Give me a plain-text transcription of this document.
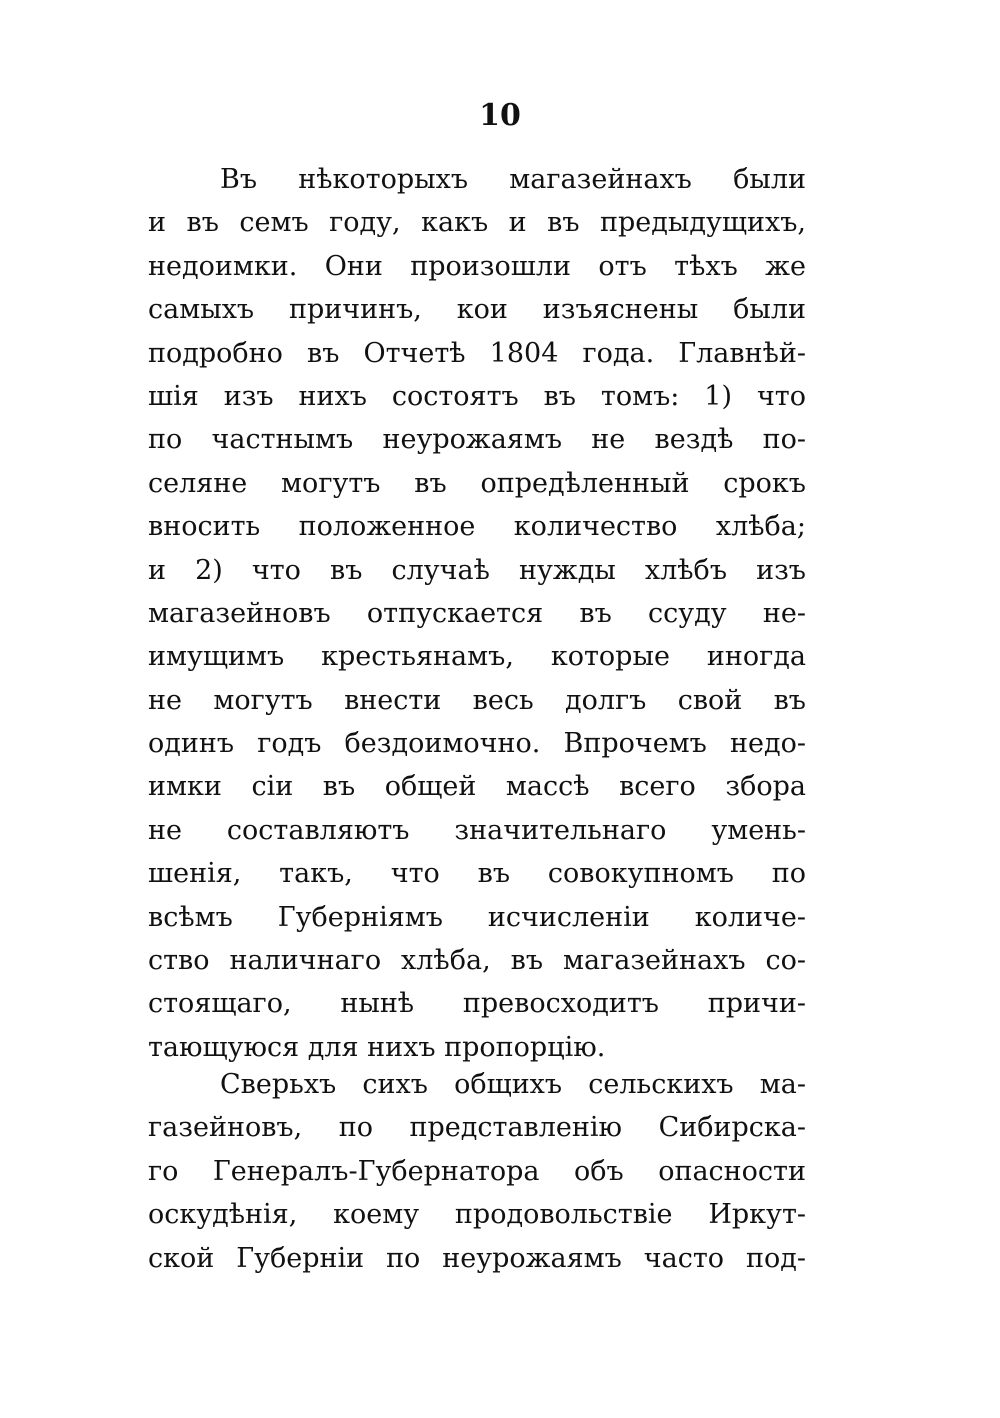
10
Въ нѣкоторыхъ магазейнахъ были
и въ семъ году, какъ и въ предыдущихъ,
недоимки. Они произошли отъ тѣхъ же
самыхъ причинъ, кои изъяснены были
подробно въ Отчетѣ 1804 года. Главнѣй-
шія изъ нихъ состоятъ въ томъ: 1) что
по частнымъ неурожаямъ не вездѣ по-
селяне могутъ въ опредѣленный срокъ
вносить положенное количество хлѣба;
и 2) что въ случаѣ нужды хлѣбъ изъ
магазейновъ отпускается въ ссуду не-
имущимъ крестьянамъ, которые иногда
не могутъ внести весь долгъ свой въ
одинъ годъ бездоимочно. Впрочемъ недо-
имки сіи въ общей массѣ всего збора
не составляютъ значительнаго умень-
шенія, такъ, что въ совокупномъ по
всѣмъ Губерніямъ исчисленіи количе-
ство наличнаго хлѣба, въ магазейнахъ со-
стоящаго, нынѣ превосходитъ причи-
тающуюся для нихъ пропорцію.
Сверьхъ сихъ общихъ сельскихъ ма-
газейновъ, по представленію Сибирска-
го Генералъ-Губернатора объ опасности
оскудѣнія, коему продовольствіе Иркут-
ской Губерніи по неурожаямъ часто под-
